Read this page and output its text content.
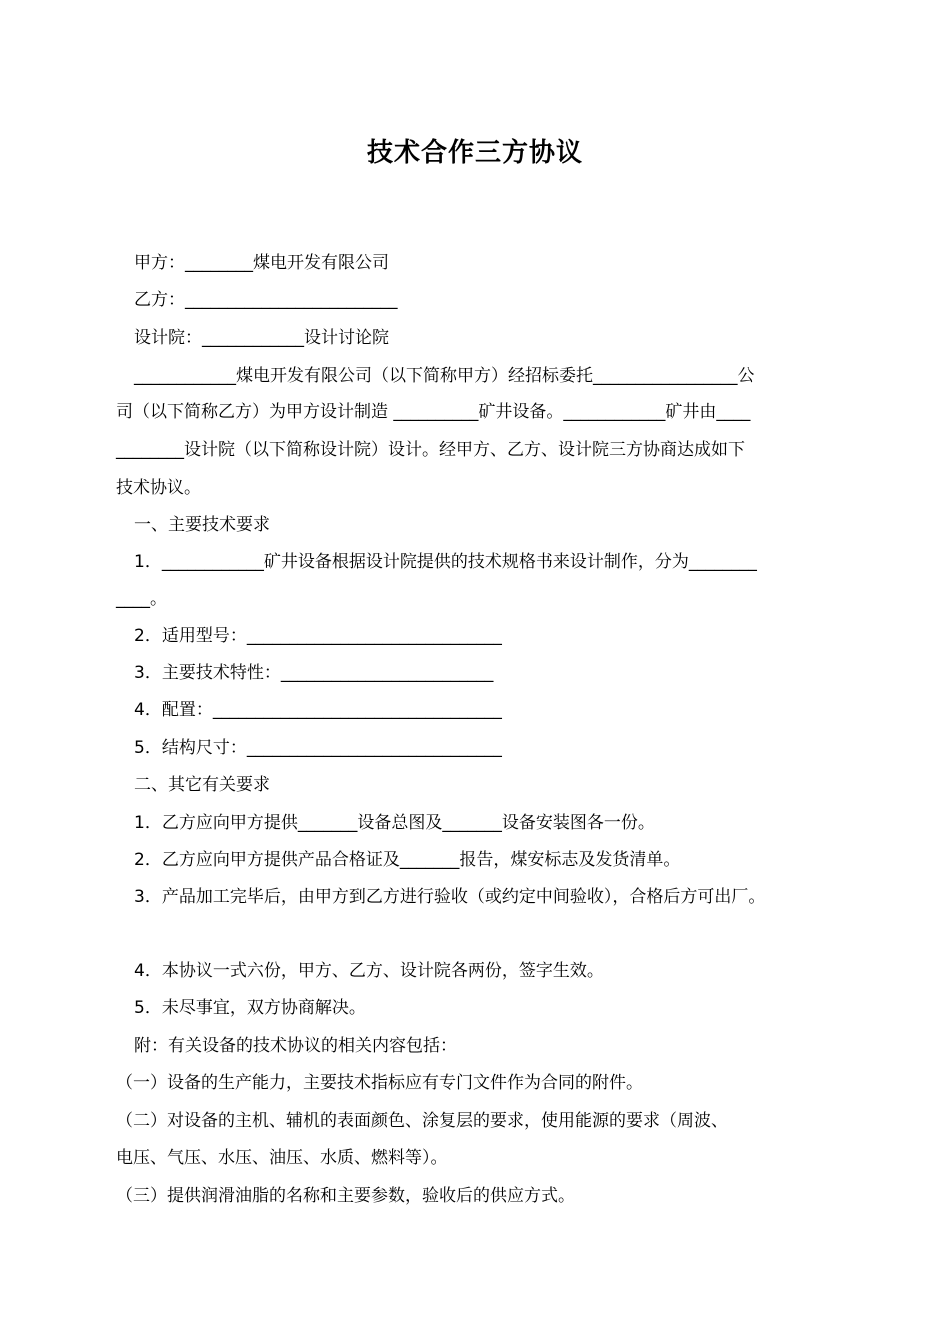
技术合作三方协议
甲方：________煤电开发有限公司
乙方：_________________________
设计院：____________设计讨论院
____________煤电开发有限公司（以下简称甲方）经招标委托_________________公
司（以下简称乙方）为甲方设计制造 __________矿井设备。____________矿井由____
________设计院（以下简称设计院）设计。经甲方、乙方、设计院三方协商达成如下
技术协议。
一、主要技术要求
1．____________矿井设备根据设计院提供的技术规格书来设计制作，分为________
____。
2．适用型号：______________________________
3．主要技术特性：_________________________
4．配置：__________________________________
5．结构尺寸：______________________________
二、其它有关要求
1．乙方应向甲方提供_______设备总图及_______设备安装图各一份。
2．乙方应向甲方提供产品合格证及_______报告，煤安标志及发货清单。
3．产品加工完毕后，由甲方到乙方进行验收（或约定中间验收），合格后方可出厂。
4．本协议一式六份，甲方、乙方、设计院各两份，签字生效。
5．未尽事宜，双方协商解决。
附：有关设备的技术协议的相关内容包括：
（一）设备的生产能力，主要技术指标应有专门文件作为合同的附件。
（二）对设备的主机、辅机的表面颜色、涂复层的要求，使用能源的要求（周波、
电压、气压、水压、油压、水质、燃料等）。
（三）提供润滑油脂的名称和主要参数，验收后的供应方式。
